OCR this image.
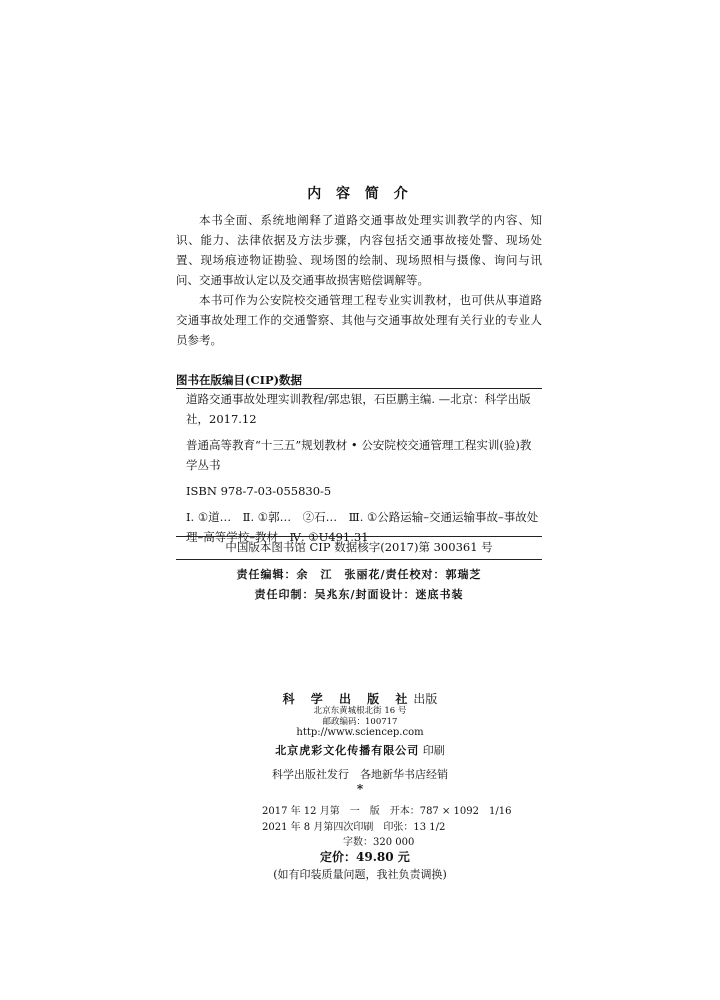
内 容 简 介

本书全面、系统地阐释了道路交通事故处理实训教学的内容、知识、能力、法律依据及方法步骤，内容包括交通事故接处警、现场处置、现场痕迹物证勘验、现场图的绘制、现场照相与摄像、询问与讯问、交通事故认定以及交通事故损害赔偿调解等。

本书可作为公安院校交通管理工程专业实训教材，也可供从事道路交通事故处理工作的交通警察、其他与交通事故处理有关行业的专业人员参考。

图书在版编目(CIP)数据

道路交通事故处理实训教程/郭忠银，石臣鹏主编. —北京：科学出版社，2017.12

普通高等教育“十三五”规划教材 • 公安院校交通管理工程实训(验)教学丛书

ISBN 978-7-03-055830-5

Ⅰ. ①道…　Ⅱ. ①郭…　②石…　Ⅲ. ①公路运输–交通运输事故–事故处理–高等学校–教材　Ⅳ. ①U491.31

中国版本图书馆 CIP 数据核字(2017)第 300361 号
责任编辑：余　江　张丽花/责任校对：郭瑞芝
责任印制：吴兆东/封面设计：迷底书装
科 学 出 版 社出版
北京东黄城根北街 16 号
邮政编码：100717
http://www.sciencep.com
北京虎彩文化传播有限公司 印刷
科学出版社发行　各地新华书店经销
*
2017 年 12 月第　一　版　开本：787 × 1092　1/16
2021 年 8 月第四次印刷　印张：13 1/2
字数：320 000
定价：49.80 元
(如有印装质量问题，我社负责调换)
